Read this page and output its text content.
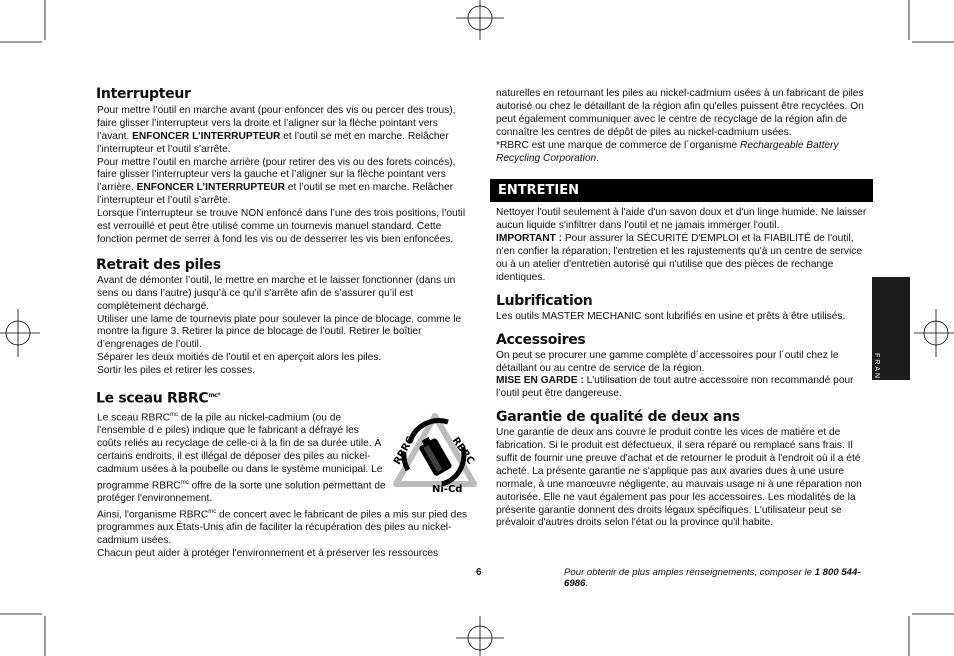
Interrupteur

Pour mettre l’outil en marche avant (pour enfoncer des vis ou percer des trous), faire glisser l’interrupteur vers la droite et l’aligner sur la flèche pointant vers l’avant. ENFONCER L’INTERRUPTEUR et l’outil se met en marche. Relâcher l’interrupteur et l’outil s’arrête.

Pour mettre l’outil en marche arrière (pour retirer des vis ou des forets coincés), faire glisser l’interrupteur vers la gauche et l’aligner sur la flèche pointant vers l’arrière. ENFONCER L’INTERRUPTEUR et l’outil se met en marche. Relâcher l’interrupteur et l’outil s’arrête.

Lorsque l’interrupteur se trouve NON enfoncé dans l’une des trois positions, l’outil est verrouillé et peut être utilisé comme un tournevis manuel standard. Cette fonction permet de serrer à fond les vis ou de desserrer les vis bien enfoncées.

Retrait des piles

Avant de démonter l’outil, le mettre en marche et le laisser fonctionner (dans un sens ou dans l’autre) jusqu’à ce qu’il s’arrête afin de s’assurer qu’il est complètement déchargé.

Utiliser une lame de tournevis plate pour soulever la pince de blocage, comme le montre la figure 3. Retirer la pince de blocage de l’outil. Retirer le boîtier d’engrenages de l’outil.

Séparer les deux moitiés de l’outil et en aperçoit alors les piles.

Sortir les piles et retirer les cosses.

Le sceau $RBRC^{mc*}$
RBRC
RBRC
Ni-Cd

Le sceau $RBRC^{mc}$ de la pile au nickel-cadmium (ou de l'ensemble d e piles) indique que le fabricant a défrayé les coûts reliés au recyclage de celle-ci à la fin de sa durée utile. À certains endroits, il est illégal de déposer des piles au nickel-cadmium usées à la poubelle ou dans le système municipal. Le programme $RBRC^{mc}$ offre de la sorte une solution permettant de protéger l'environnement.

Ainsi, l'organisme $RBRC^{mc}$ de concert avec le fabricant de piles a mis sur pied des programmes aux États-Unis afin de faciliter la récupération des piles au nickel-cadmium usées.

Chacun peut aider à protéger l'environnement et à préserver les ressources

naturelles en retournant les piles au nickel-cadmium usées à un fabricant de piles autorisé ou chez le détaillant de la région afin qu'elles puissent être recyclées. On peut également communiquer avec le centre de recyclage de la région afin de connaître les centres de dépôt de piles au nickel-cadmium usées.

*RBRC est une marque de commerce de l´organisme Rechargeable Battery Recycling Corporation.

ENTRETIEN

Nettoyer l'outil seulement à l'aide d'un savon doux et d'un linge humide. Ne laisser aucun liquide s'infiltrer dans l'outil et ne jamais immerger l'outil.

IMPORTANT : Pour assurer la SÉCURITÉ D'EMPLOI et la FIABILITÉ de l'outil, n'en confier la réparation, l'entretien et les rajustements qu'à un centre de service ou à un atelier d'entretien autorisé qui n'utilise que des pièces de rechange identiques.

Lubrification

Les outils MASTER MECHANIC sont lubrifiés en usine et prêts à être utilisés.

Accessoires

On peut se procurer une gamme complète d´accessoires pour l´outil chez le détaillant ou au centre de service de la région.

MISE EN GARDE : L'utilisation de tout autre accessoire non recommandé pour l’outil peut être dangereuse.

Garantie de qualité de deux ans

Une garantie de deux ans couvre le produit contre les vices de matière et de fabrication. Si le produit est défectueux, il sera réparé ou remplacé sans frais. Il suffit de fournir une preuve d'achat et de retourner le produit à l'endroit où il a été acheté. La présente garantie ne s'applique pas aux avaries dues à une usure normale, à une manœuvre négligente, au mauvais usage ni à une réparation non autorisée. Elle ne vaut également pas pour les accessoires. Les modalités de la présente garantie donnent des droits légaux spécifiques. L'utilisateur peut se prévaloir d'autres droits selon l'état ou la province qu'il habite.

FRANÇAIS
6	Pour obtenir de plus amples renseignements, composer le 1 800 544-6986.
